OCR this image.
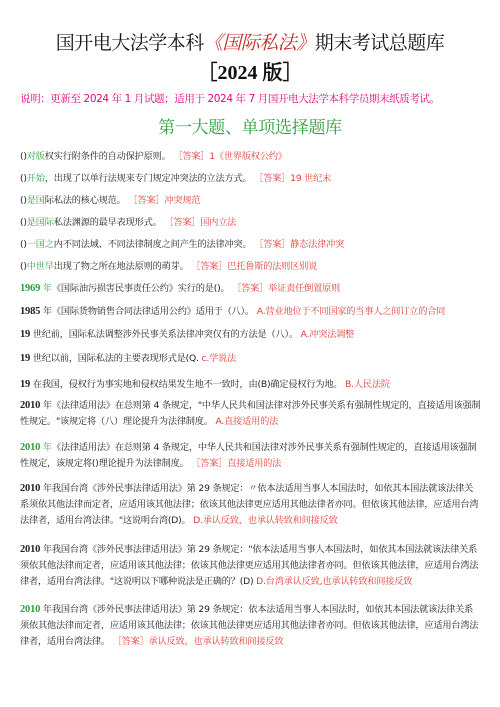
国开电大法学本科《国际私法》期末考试总题库
［2024 版］
说明：更新至 2024 年 1 月试题；适用于 2024 年 7 月国开电大法学本科学员期末纸质考试。
第一大题、单项选择题库
()对版权实行附条件的自动保护原则。 ［答案］1《世界版权公约》
()开始，出现了以单行法规来专门规定冲突法的立法方式。 ［答案］19 世纪末
()是国际私法的核心规范。 ［答案］冲突规范
()是国际私法渊源的最早表现形式。 ［答案］国内立法
()一国之内不同法域、不同法律制度之间产生的法律冲突。 ［答案］静态法律冲突
()中世早出现了物之所在地法原则的萌芽。 ［答案］巴托鲁斯的法则区别说
1969 年《国际油污损害民事责任公约》实行的是()。 ［答案］举证责任倒置原则
1985 年《国际货物销售合同法律适用公约》适用于（八）。 A.营业地位于不同国家的当事人之间订立的合同
19 世纪前，国际私法调整涉外民事关系法律冲突仅有的方法是（八）。 A.冲突法调整
19 世纪以前，国际私法的主要表现形式是(Q. c.学说法
19 在我国，侵权行为事实地和侵权结果发生地不一致时，由(B)确定侵权行为地。 B.人民法院
2010 年《法律适用法》在总则第 4 条规定，"中华人民共和国法律对涉外民事关系有强制性规定的，直接适用该强制性规定。"该规定将（八）理论提升为法律制度。 A.直接适用的法
2010 年《法律适用法》在总则第 4 条规定，中华人民共和国法律对涉外民事关系有强制性规定的，直接适用该强制性规定，该规定将()理论提升为法律制度。 ［答案］直接适用的法
2010 年我国台湾《涉外民事法律适用法》第 29 条规定：〃依本法适用当事人本国法时，如依其本国法就该法律关系须依其他法律而定者，应适用该其他法律；依该其他法律更应适用其他法律者亦同。但依该其他法律，应适用台湾法律者，适用台湾法律。"这说明台湾(D)。 D.承认反致，也承认转致和间接反致
2010 年我国台湾《涉外民事法律适用法》第 29 条规定："依本法适用当事人本国法时，如依其本国法就该法律关系须依其他法律而定者，应适用该其他法律；依该其他法律更应适用其他法律者亦同。但依该其他法律，应适用台湾法律者，适用台湾法律。"这说明以下哪种说法是正确的？(D) D.台湾承认反致,也承认转致和间接反致
2010 年我国台湾《涉外民事法律适用法》第 29 条规定：依本法适用当事人本国法时，如依其本国法就该法律关系须依其他法律而定者，应适用该其他法律；依该其他法律更应适用其他法律者亦同。但依该其他法律，应适用台湾法律者，适用台湾法律。 ［答案］承认反致，也承认转致和间接反致
